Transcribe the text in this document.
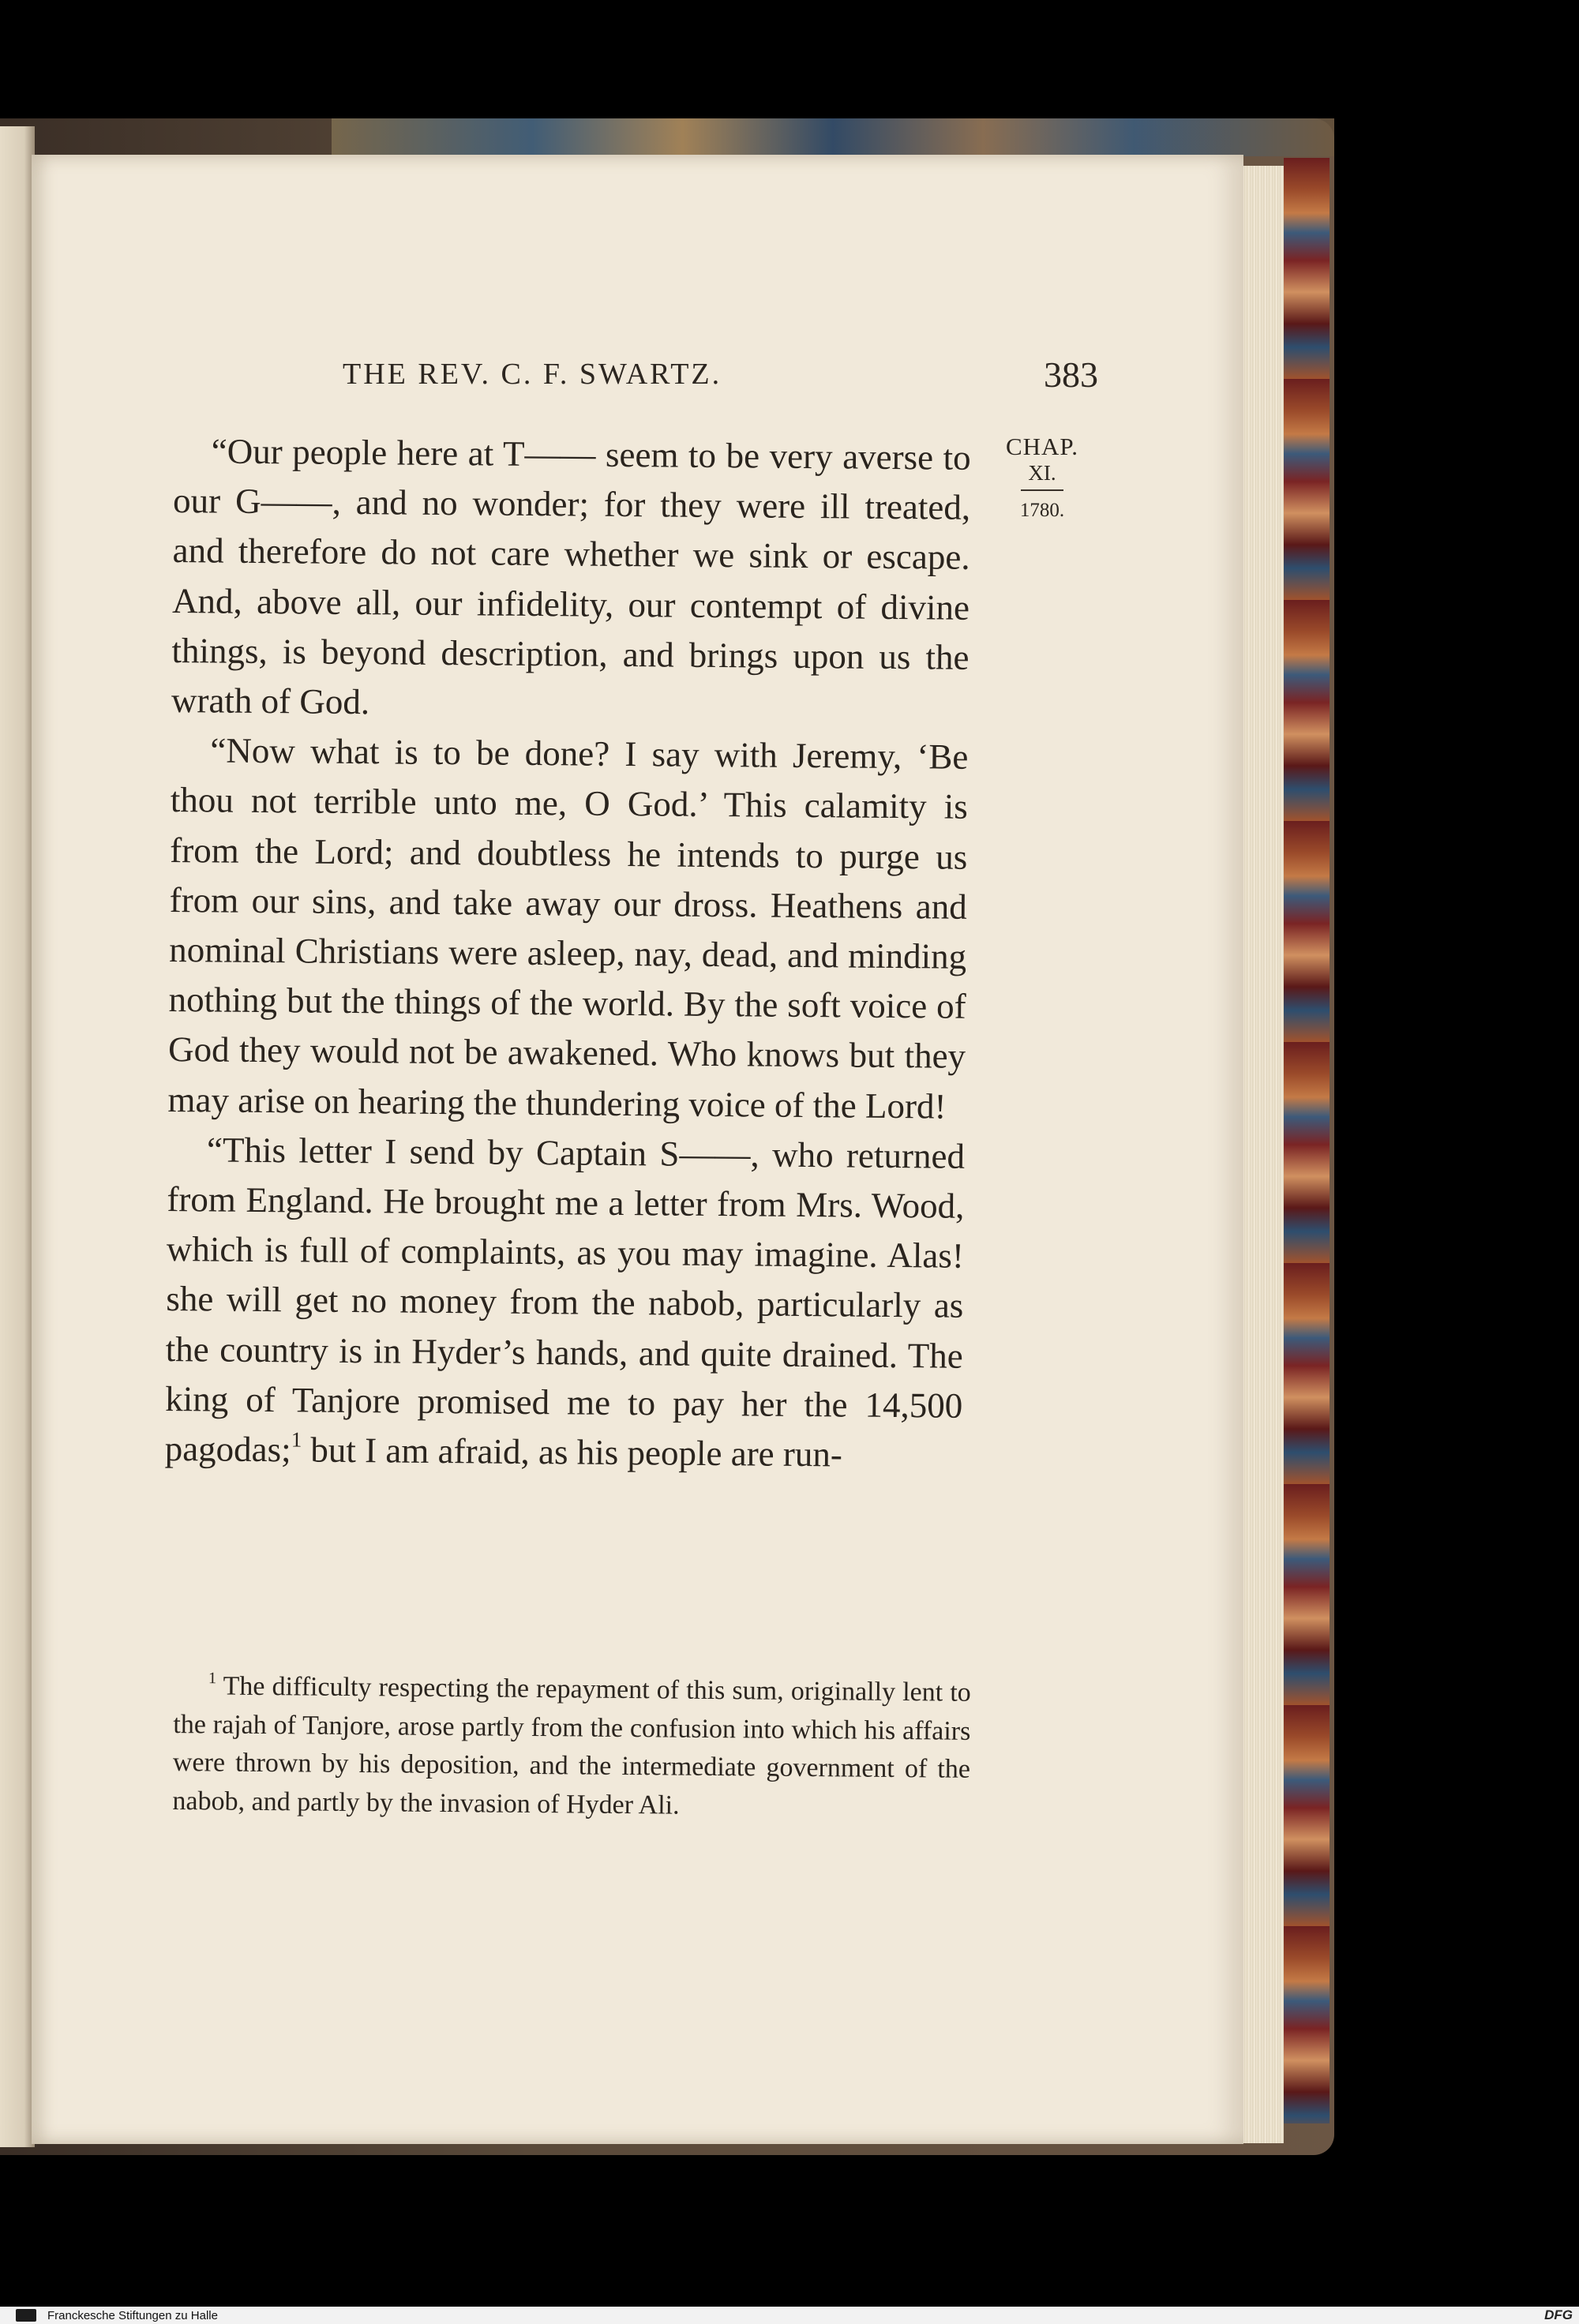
THE REV. C. F. SWARTZ.	383
CHAP.
XI.
1780.

“Our people here at T—— seem to be very averse to our G——, and no wonder; for they were ill treated, and therefore do not care whether we sink or escape. And, above all, our infidelity, our contempt of divine things, is beyond description, and brings upon us the wrath of God.

“Now what is to be done? I say with Jeremy, ‘Be thou not terrible unto me, O God.’ This calamity is from the Lord; and doubtless he intends to purge us from our sins, and take away our dross. Heathens and nominal Christians were asleep, nay, dead, and minding nothing but the things of the world. By the soft voice of God they would not be awakened. Who knows but they may arise on hearing the thundering voice of the Lord!

“This letter I send by Captain S——, who returned from England. He brought me a letter from Mrs. Wood, which is full of complaints, as you may imagine. Alas! she will get no money from the nabob, particularly as the country is in Hyder’s hands, and quite drained. The king of Tanjore promised me to pay her the 14,500 pagodas;$^1$ but I am afraid, as his people are run-

$^1$ The difficulty respecting the repayment of this sum, originally lent to the rajah of Tanjore, arose partly from the confusion into which his affairs were thrown by his deposition, and the intermediate government of the nabob, and partly by the invasion of Hyder Ali.
Franckesche Stiftungen zu Halle	DFG
